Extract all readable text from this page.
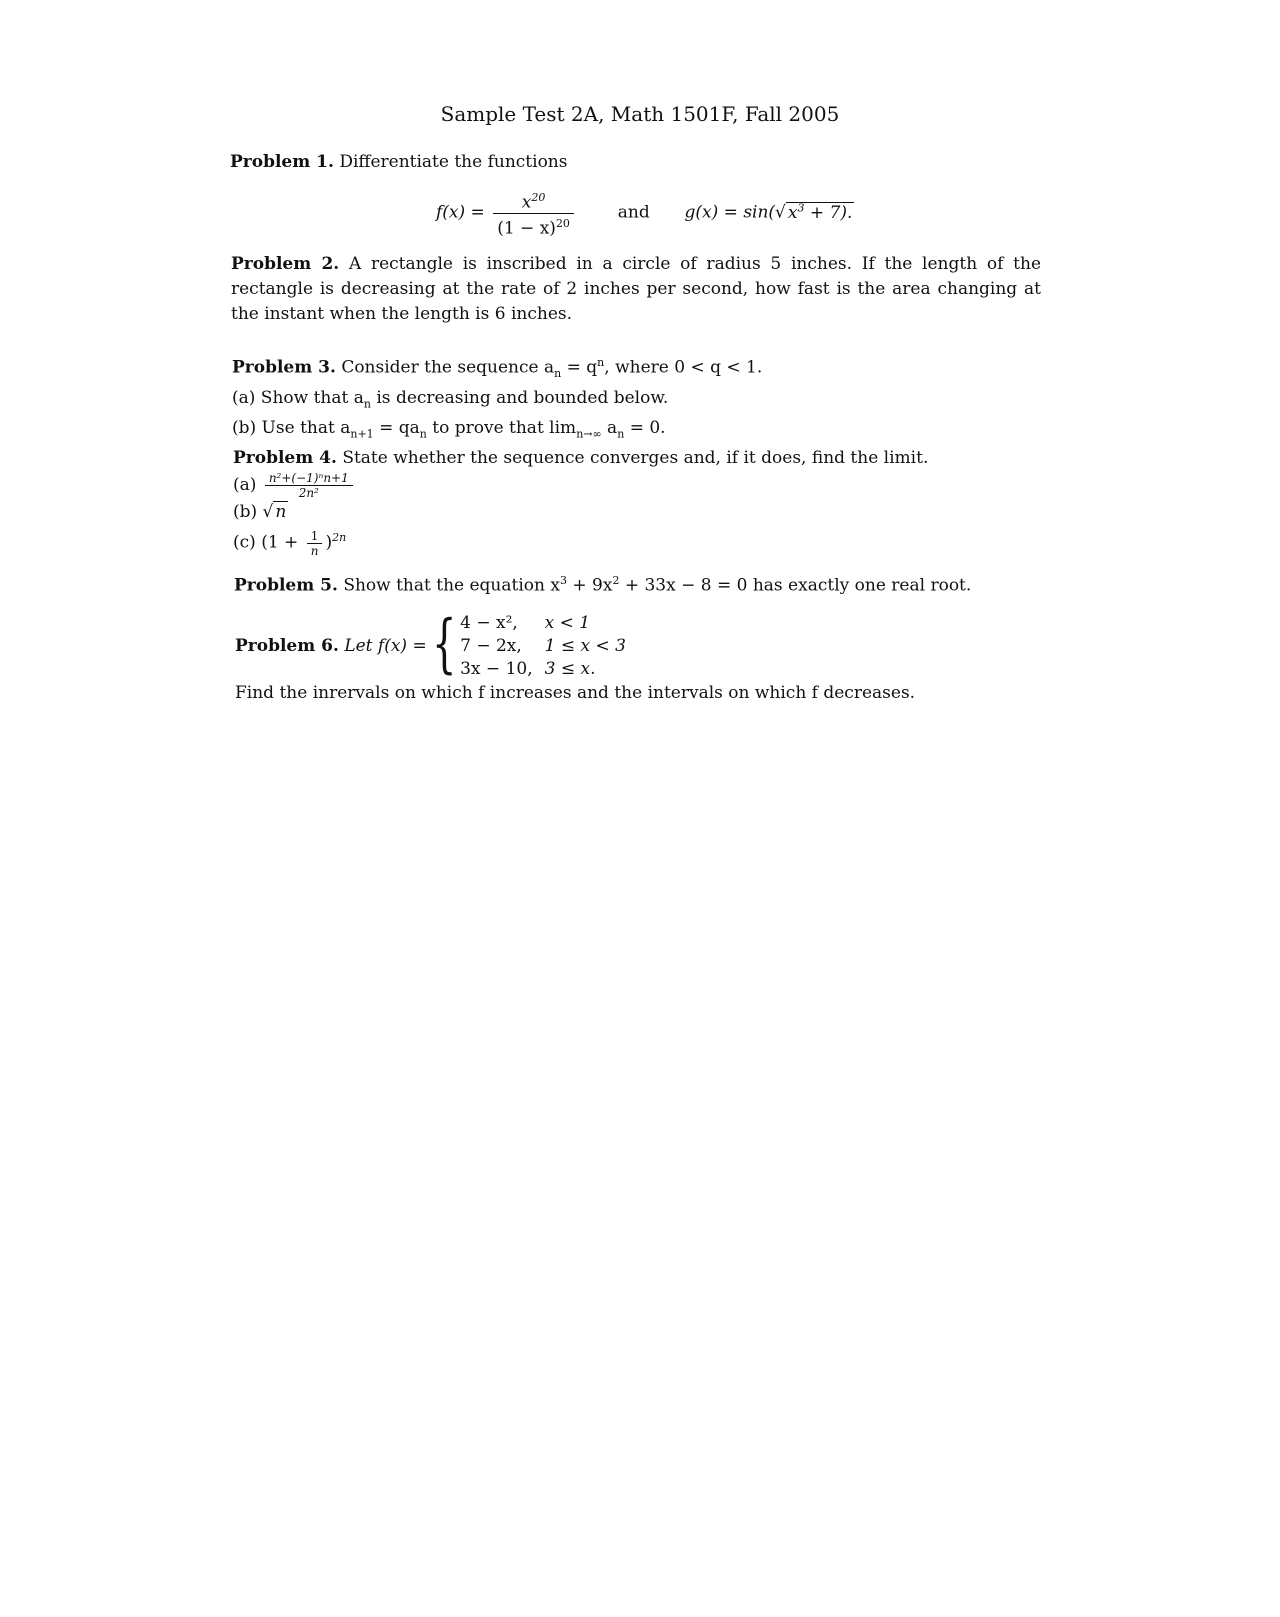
Sample Test 2A, Math 1501F, Fall 2005
Problem 1. Differentiate the functions
$f(x) = \frac{x^{20}}{(1 - x)^{20}}$	and g(x) = sin(√ $x^3 + 7$).
Problem 2. A rectangle is inscribed in a circle of radius 5 inches. If the length of the rectangle is decreasing at the rate of 2 inches per second, how fast is the area changing at the instant when the length is 6 inches.
Problem 3. Consider the sequence $a_n = q^n$, where 0 < q < 1.
(a) Show that $a_n$ is decreasing and bounded below.
(b) Use that $a_{n+1} = qa_n$ to prove that $\lim_{n\to\infty} a_n = 0$.
Problem 4. State whether the sequence converges and, if it does, find the limit.
$(a) \frac{\text{n²+(−1)ⁿn+1}}{\text{2n²}}$
(b) √ n
(c) $(1 + \frac{1}{n} )^{2n}$
Problem 5. Show that the equation $x^3 + 9x^2 + 33x - 8 = 0$ has exactly one real root.
Problem 6. Let f(x) = { 4 − x²,	x < 1
7 − 2x,	1 ≤ x < 3
3x − 10,	3 ≤ x.
Find the inrervals on which f increases and the intervals on which f decreases.
